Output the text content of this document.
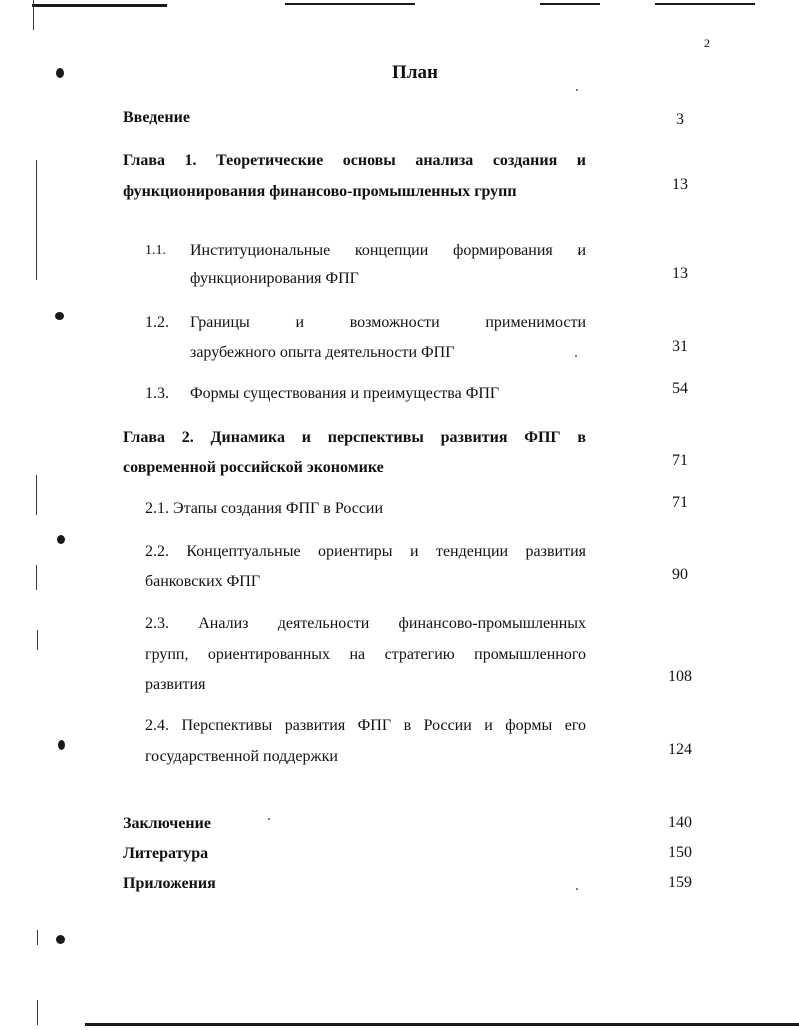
2
План
Введение	3
Глава 1. Теоретические основы анализа создания и
функционирования финансово-промышленных групп	13
1.1. Институциональные концепции формирования и
функционирования ФПГ	13
1.2. Границы и возможности применимости
зарубежного опыта деятельности ФПГ	31
1.3. Формы существования и преимущества ФПГ	54
Глава 2. Динамика и перспективы развития ФПГ в
современной российской экономике	71
2.1. Этапы создания ФПГ в России	71
2.2. Концептуальные ориентиры и тенденции развития
банковских ФПГ	90
2.3. Анализ деятельности финансово-промышленных
групп, ориентированных на стратегию промышленного
развития	108
2.4. Перспективы развития ФПГ в России и формы его
государственной поддержки	124
Заключение	140
Литература	150
Приложения	159
